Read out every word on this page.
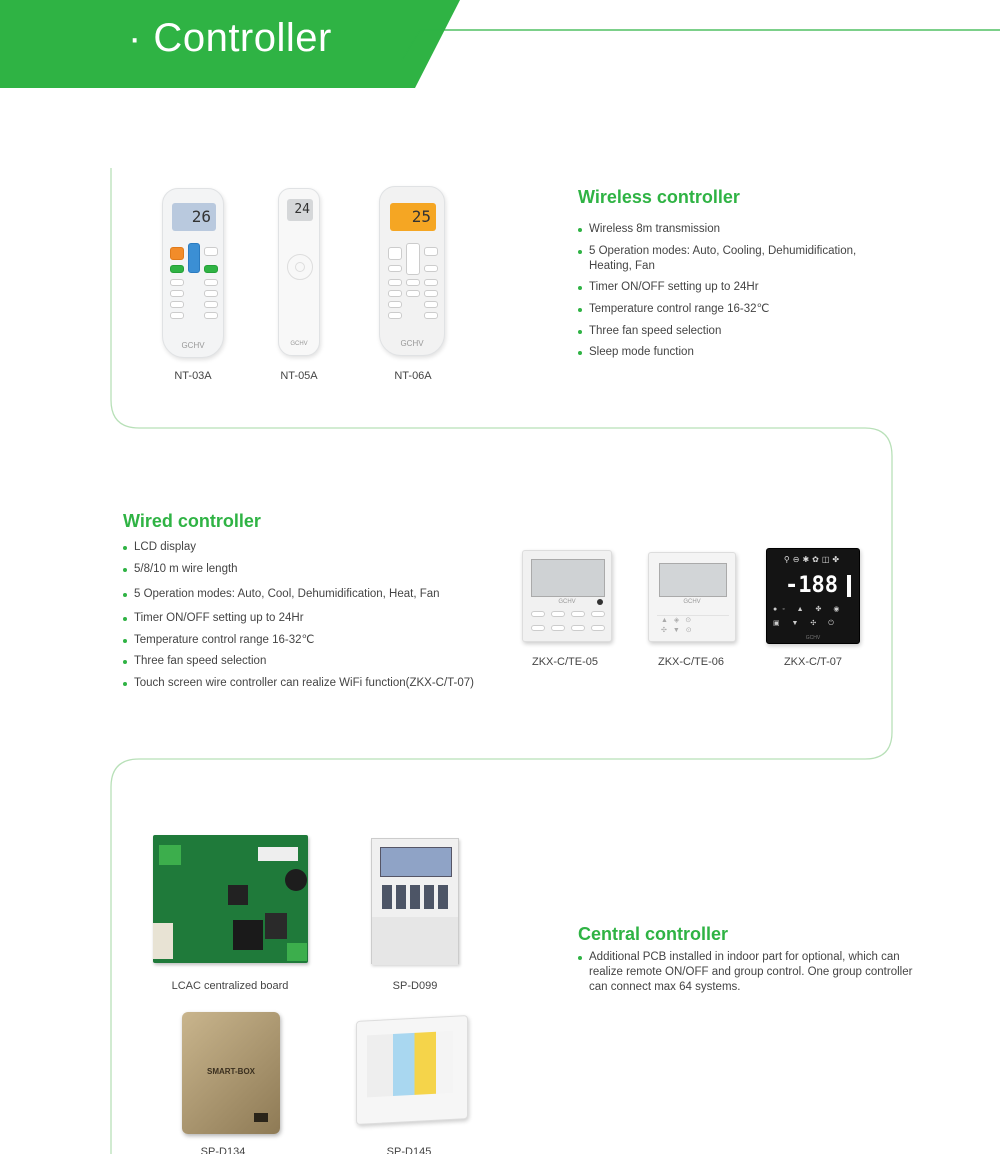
· Controller
26
GCHV
NT-03A
24
GCHV
NT-05A
25
GCHV
NT-06A
Wireless controller
Wireless 8m transmission
5 Operation modes: Auto, Cooling, Dehumidification, Heating, Fan
Timer ON/OFF setting up to 24Hr
Temperature control range 16-32℃
Three fan speed selection
Sleep mode function
Wired controller
LCD display
5/8/10 m wire length
5 Operation modes: Auto, Cool, Dehumidification, Heat, Fan
Timer ON/OFF setting up to 24Hr
Temperature control range 16-32℃
Three fan speed selection
Touch screen wire controller can realize WiFi function(ZKX-C/T-07)
GCHV
ZKX-C/TE-05
GCHV
▲◈⊙
✣▼⊙
ZKX-C/TE-06
⚲⊖✱✿◫✤
-188
●◦ ▲ ✤ ◉
▣ ▼ ✣ ⏻
GCHV
ZKX-C/T-07
LCAC centralized board	SP-D099
SMART-BOX
SP-D134	SP-D145
Central controller
Additional PCB installed in indoor part for optional, which can realize remote ON/OFF and group control. One group controller can connect max 64 systems.
